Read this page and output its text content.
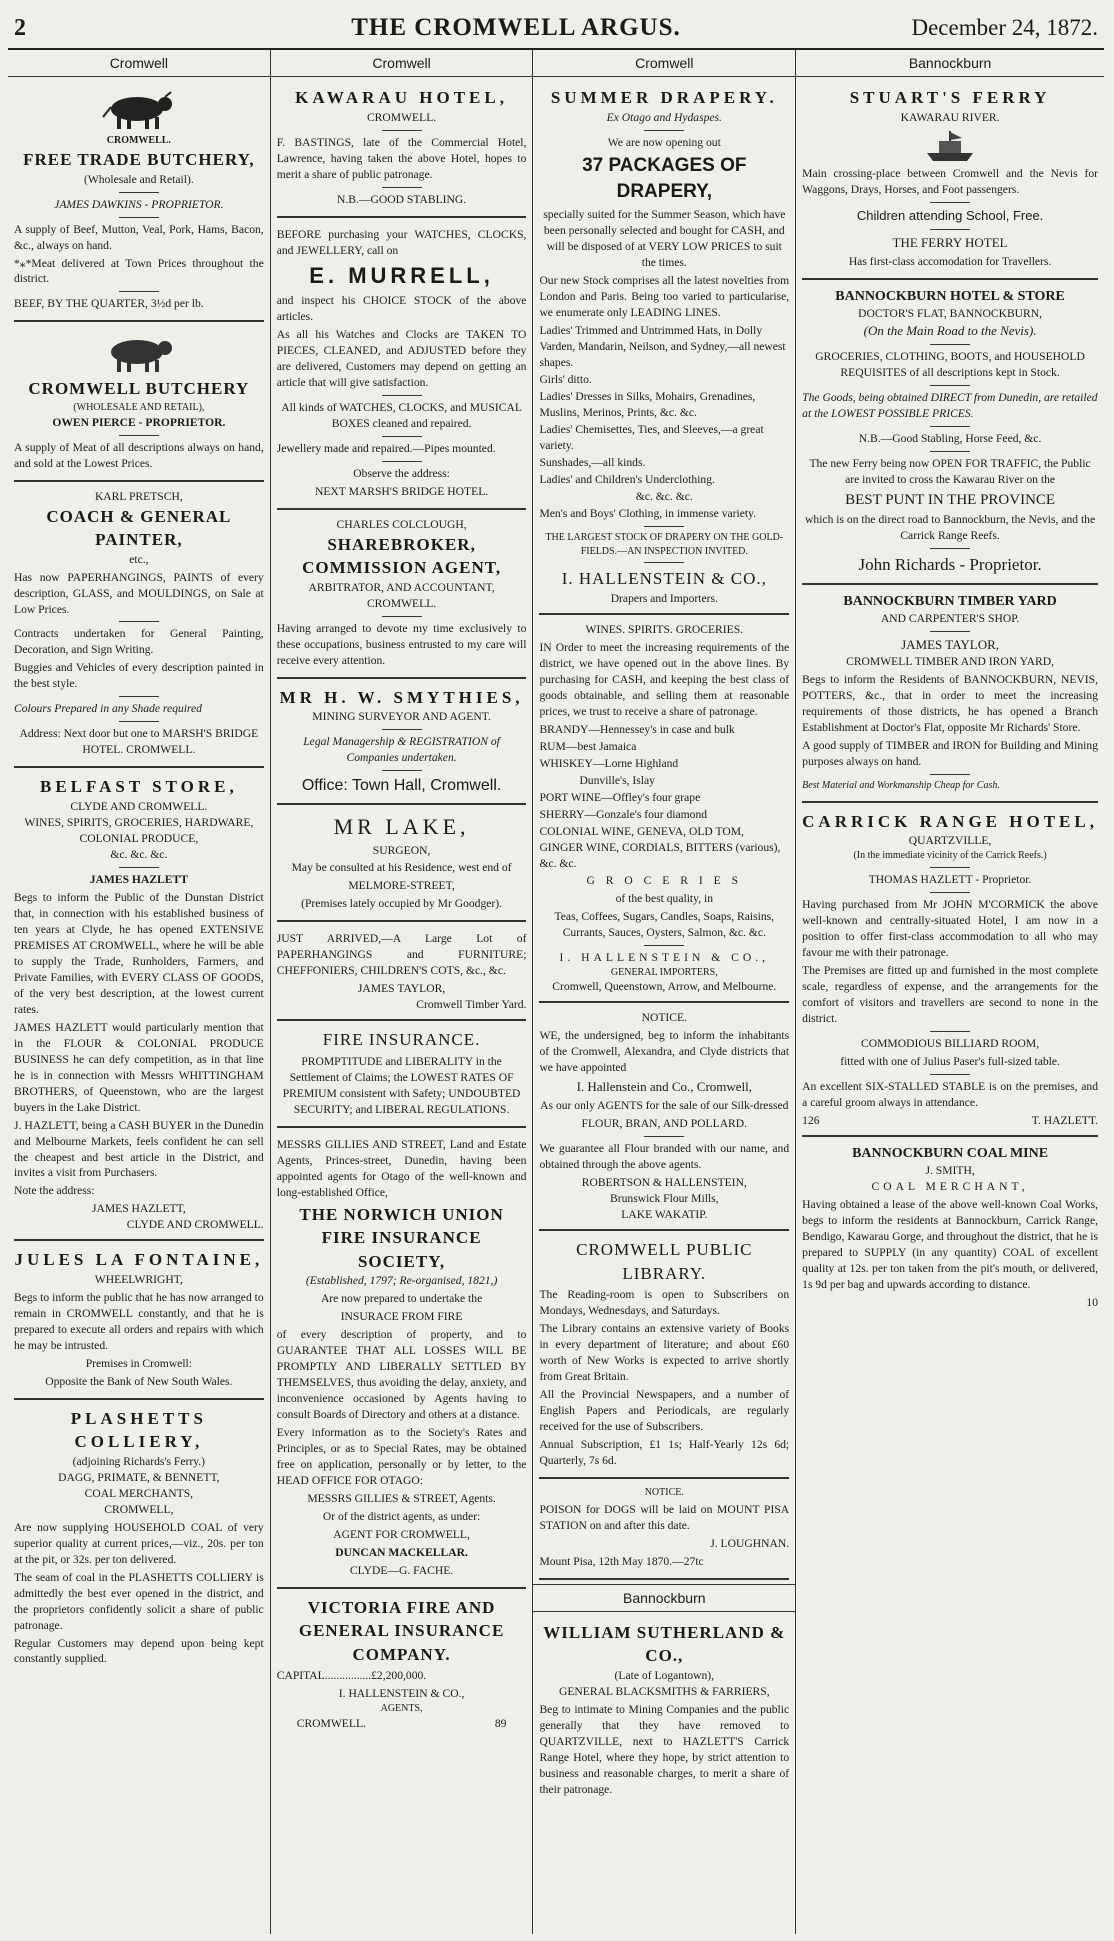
2	THE CROMWELL ARGUS.	December 24, 1872.
Cromwell
CROMWELL.
FREE TRADE BUTCHERY,
(Wholesale and Retail).
JAMES DAWKINS - PROPRIETOR.

A supply of Beef, Mutton, Veal, Pork, Hams, Bacon, &c., always on hand.

*⁎*Meat delivered at Town Prices throughout the district.

BEEF, BY THE QUARTER, 3½d per lb.

CROMWELL BUTCHERY
(WHOLESALE AND RETAIL),
OWEN PIERCE - PROPRIETOR.

A supply of Meat of all descriptions always on hand, and sold at the Lowest Prices.

KARL PRETSCH,
COACH & GENERAL PAINTER,
etc.,

Has now PAPERHANGINGS, PAINTS of every description, GLASS, and MOULDINGS, on Sale at Low Prices.

Contracts undertaken for General Painting, Decoration, and Sign Writing.

Buggies and Vehicles of every description painted in the best style.

Colours Prepared in any Shade required

Address: Next door but one to MARSH'S BRIDGE HOTEL. CROMWELL.

BELFAST STORE,
CLYDE AND CROMWELL.
WINES, SPIRITS, GROCERIES, HARDWARE, COLONIAL PRODUCE,
&c. &c. &c.
JAMES HAZLETT

Begs to inform the Public of the Dunstan District that, in connection with his established business of ten years at Clyde, he has opened EXTENSIVE PREMISES AT CROMWELL, where he will be able to supply the Trade, Runholders, Farmers, and Private Families, with EVERY CLASS OF GOODS, of the very best description, at the lowest current rates.

JAMES HAZLETT would particularly mention that in the FLOUR & COLONIAL PRODUCE BUSINESS he can defy competition, as in that line he is in connection with Messrs WHITTINGHAM BROTHERS, of Queenstown, who are the largest buyers in the Lake District.

J. HAZLETT, being a CASH BUYER in the Dunedin and Melbourne Markets, feels confident he can sell the cheapest and best article in the District, and invites a visit from Purchasers.

Note the address:

JAMES HAZLETT,
CLYDE AND CROMWELL.
JULES LA FONTAINE,
WHEELWRIGHT,

Begs to inform the public that he has now arranged to remain in CROMWELL constantly, and that he is prepared to execute all orders and repairs with which he may be intrusted.

Premises in Cromwell:

Opposite the Bank of New South Wales.

PLASHETTS COLLIERY,
(adjoining Richards's Ferry.)
DAGG, PRIMATE, & BENNETT,
COAL MERCHANTS,
CROMWELL,

Are now supplying HOUSEHOLD COAL of very superior quality at current prices,—viz., 20s. per ton at the pit, or 32s. per ton delivered.

The seam of coal in the PLASHETTS COLLIERY is admittedly the best ever opened in the district, and the proprietors confidently solicit a share of public patronage.

Regular Customers may depend upon being kept constantly supplied.

Cromwell
KAWARAU HOTEL,
CROMWELL.

F. BASTINGS, late of the Commercial Hotel, Lawrence, having taken the above Hotel, hopes to merit a share of public patronage.

N.B.—GOOD STABLING.

BEFORE purchasing your WATCHES, CLOCKS, and JEWELLERY, call on

E. MURRELL,

and inspect his CHOICE STOCK of the above articles.

As all his Watches and Clocks are TAKEN TO PIECES, CLEANED, and ADJUSTED before they are delivered, Customers may depend on getting an article that will give satisfaction.

All kinds of WATCHES, CLOCKS, and MUSICAL BOXES cleaned and repaired.

Jewellery made and repaired.—Pipes mounted.

Observe the address:

NEXT MARSH'S BRIDGE HOTEL.

CHARLES COLCLOUGH,
SHAREBROKER, COMMISSION AGENT,
ARBITRATOR, AND ACCOUNTANT,
CROMWELL.

Having arranged to devote my time exclusively to these occupations, business entrusted to my care will receive every attention.

MR H. W. SMYTHIES,
MINING SURVEYOR AND AGENT.

Legal Managership & REGISTRATION of Companies undertaken.

Office: Town Hall, Cromwell.
MR LAKE,
SURGEON,

May be consulted at his Residence, west end of

MELMORE-STREET,

(Premises lately occupied by Mr Goodger).

JUST ARRIVED,—A Large Lot of PAPERHANGINGS and FURNITURE; CHEFFONIERS, CHILDREN'S COTS, &c., &c.

JAMES TAYLOR,
Cromwell Timber Yard.
FIRE INSURANCE.

PROMPTITUDE and LIBERALITY in the Settlement of Claims; the LOWEST RATES OF PREMIUM consistent with Safety; UNDOUBTED SECURITY; and LIBERAL REGULATIONS.

MESSRS GILLIES AND STREET, Land and Estate Agents, Princes-street, Dunedin, having been appointed agents for Otago of the well-known and long-established Office,

THE NORWICH UNION FIRE INSURANCE SOCIETY,
(Established, 1797; Re-organised, 1821,)

Are now prepared to undertake the

INSURACE FROM FIRE

of every description of property, and to GUARANTEE THAT ALL LOSSES WILL BE PROMPTLY AND LIBERALLY SETTLED BY THEMSELVES, thus avoiding the delay, anxiety, and inconvenience occasioned by Agents having to consult Boards of Directory and others at a distance.

Every information as to the Society's Rates and Principles, or as to Special Rates, may be obtained free on application, personally or by letter, to the HEAD OFFICE FOR OTAGO:

MESSRS GILLIES & STREET, Agents.

Or of the district agents, as under:

AGENT FOR CROMWELL,

DUNCAN MACKELLAR.

CLYDE—G. FACHE.

VICTORIA FIRE AND GENERAL INSURANCE COMPANY.

CAPITAL................£2,200,000.

I. HALLENSTEIN & CO.,
AGENTS,
CROMWELL.	89
Cromwell
SUMMER DRAPERY.
Ex Otago and Hydaspes.

We are now opening out

37 PACKAGES OF DRAPERY,

specially suited for the Summer Season, which have been personally selected and bought for CASH, and will be disposed of at VERY LOW PRICES to suit the times.

Our new Stock comprises all the latest novelties from London and Paris. Being too varied to particularise, we enumerate only LEADING LINES.

Ladies' Trimmed and Untrimmed Hats, in Dolly Varden, Mandarin, Neilson, and Sydney,—all newest shapes.

Girls' ditto.

Ladies' Dresses in Silks, Mohairs, Grenadines, Muslins, Merinos, Prints, &c. &c.

Ladies' Chemisettes, Ties, and Sleeves,—a great variety.

Sunshades,—all kinds.

Ladies' and Children's Underclothing.

&c. &c. &c.

Men's and Boys' Clothing, in immense variety.

THE LARGEST STOCK OF DRAPERY ON THE GOLD-FIELDS.—AN INSPECTION INVITED.

I. HALLENSTEIN & CO.,
Drapers and Importers.
WINES. SPIRITS. GROCERIES.

IN Order to meet the increasing requirements of the district, we have opened out in the above lines. By purchasing for CASH, and keeping the best class of goods obtainable, and selling them at reasonable prices, we trust to receive a share of patronage.

BRANDY—Hennessey's in case and bulk

RUM—best Jamaica

WHISKEY—Lorne Highland

Dunville's, Islay

PORT WINE—Offley's four grape

SHERRY—Gonzale's four diamond

COLONIAL WINE, GENEVA, OLD TOM, GINGER WINE, CORDIALS, BITTERS (various), &c. &c.

G R O C E R I E S

of the best quality, in

Teas, Coffees, Sugars, Candles, Soaps, Raisins, Currants, Sauces, Oysters, Salmon, &c. &c.

I. HALLENSTEIN & CO.,
GENERAL IMPORTERS,
Cromwell, Queenstown, Arrow, and Melbourne.
NOTICE.

WE, the undersigned, beg to inform the inhabitants of the Cromwell, Alexandra, and Clyde districts that we have appointed

I. Hallenstein and Co., Cromwell,

As our only AGENTS for the sale of our Silk-dressed

FLOUR, BRAN, AND POLLARD.

We guarantee all Flour branded with our name, and obtained through the above agents.

ROBERTSON & HALLENSTEIN,
Brunswick Flour Mills,
LAKE WAKATIP.
CROMWELL PUBLIC LIBRARY.

The Reading-room is open to Subscribers on Mondays, Wednesdays, and Saturdays.

The Library contains an extensive variety of Books in every department of literature; and about £60 worth of New Works is expected to arrive shortly from Great Britain.

All the Provincial Newspapers, and a number of English Papers and Periodicals, are regularly received for the use of Subscribers.

Annual Subscription, £1 1s; Half-Yearly 12s 6d; Quarterly, 7s 6d.

NOTICE.

POISON for DOGS will be laid on MOUNT PISA STATION on and after this date.

J. LOUGHNAN.

Mount Pisa, 12th May 1870.—27tc

Bannockburn
WILLIAM SUTHERLAND & CO.,
(Late of Logantown),
GENERAL BLACKSMITHS & FARRIERS,

Beg to intimate to Mining Companies and the public generally that they have removed to QUARTZVILLE, next to HAZLETT'S Carrick Range Hotel, where they hope, by strict attention to business and reasonable charges, to merit a share of their patronage.

Bannockburn
STUART'S FERRY
KAWARAU RIVER.

Main crossing-place between Cromwell and the Nevis for Waggons, Drays, Horses, and Foot passengers.

Children attending School, Free.
THE FERRY HOTEL

Has first-class accomodation for Travellers.

BANNOCKBURN HOTEL & STORE
DOCTOR'S FLAT, BANNOCKBURN,
(On the Main Road to the Nevis).

GROCERIES, CLOTHING, BOOTS, and HOUSEHOLD REQUISITES of all descriptions kept in Stock.

The Goods, being obtained DIRECT from Dunedin, are retailed at the LOWEST POSSIBLE PRICES.

N.B.—Good Stabling, Horse Feed, &c.

The new Ferry being now OPEN FOR TRAFFIC, the Public are invited to cross the Kawarau River on the

BEST PUNT IN THE PROVINCE

which is on the direct road to Bannockburn, the Nevis, and the Carrick Range Reefs.

John Richards - Proprietor.
BANNOCKBURN TIMBER YARD
AND CARPENTER'S SHOP.
JAMES TAYLOR,
CROMWELL TIMBER AND IRON YARD,

Begs to inform the Residents of BANNOCKBURN, NEVIS, POTTERS, &c., that in order to meet the increasing requirements of those districts, he has opened a Branch Establishment at Doctor's Flat, opposite Mr Richards' Store.

A good supply of TIMBER and IRON for Building and Mining purposes always on hand.

Best Material and Workmanship Cheap for Cash.

CARRICK RANGE HOTEL,
QUARTZVILLE,
(In the immediate vicinity of the Carrick Reefs.)
THOMAS HAZLETT - Proprietor.

Having purchased from Mr JOHN M'CORMICK the above well-known and centrally-situated Hotel, I am now in a position to offer first-class accommodation to all who may favour me with their patronage.

The Premises are fitted up and furnished in the most complete scale, regardless of expense, and the arrangements for the comfort of visitors and travellers are second to none in the district.

COMMODIOUS BILLIARD ROOM,

fitted with one of Julius Paser's full-sized table.

An excellent SIX-STALLED STABLE is on the premises, and a careful groom always in attendance.

126	T. HAZLETT.
BANNOCKBURN COAL MINE
J. SMITH,
COAL MERCHANT,

Having obtained a lease of the above well-known Coal Works, begs to inform the residents at Bannockburn, Carrick Range, Bendigo, Kawarau Gorge, and throughout the district, that he is prepared to SUPPLY (in any quantity) COAL of excellent quality at 12s. per ton taken from the pit's mouth, or delivered, 1s 9d per bag and upwards according to distance.

10
